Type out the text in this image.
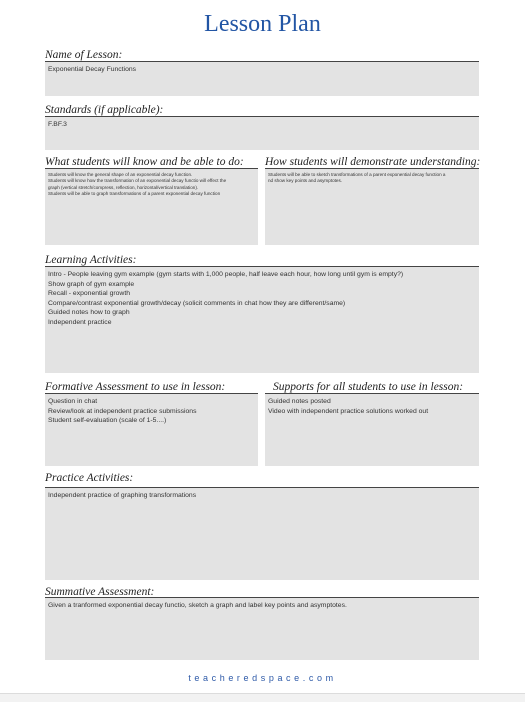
Lesson Plan
Name of Lesson:
Exponential Decay Functions
Standards (if applicable):
F.BF.3
What students will know and be able to do:
Students will know the general shape of an exponential decay function.
Students will know how the transformation of an exponential decay functio will effect the
graph (vertical stretch/compress, reflection, horizontal/vertical translation).
Students will be able to graph transformations of a parent exponential decay function
How students will demonstrate understanding:
Students will be able to sketch transformations of a parent exponential decay function a
nd show key points and asymptotes.
Learning Activities:
Intro - People leaving gym example (gym starts with 1,000 people, half leave each hour, how long until gym is empty?)
Show graph of gym example
Recall - exponential growth
Compare/contrast exponential growth/decay (solicit comments in chat how they are different/same)
Guided notes how to graph
Independent practice
Formative Assessment to use in lesson:
Question in chat
Review/look at independent practice submissions
Student self-evaluation (scale of 1-5....)
Supports for all students to use in lesson:
Guided notes posted
Video with independent practice solutions worked out
Practice Activities:
Independent practice of graphing transformations
Summative Assessment:
Given a tranformed exponential decay functio, sketch a graph and label key points and asymptotes.
teacheredspace.com
